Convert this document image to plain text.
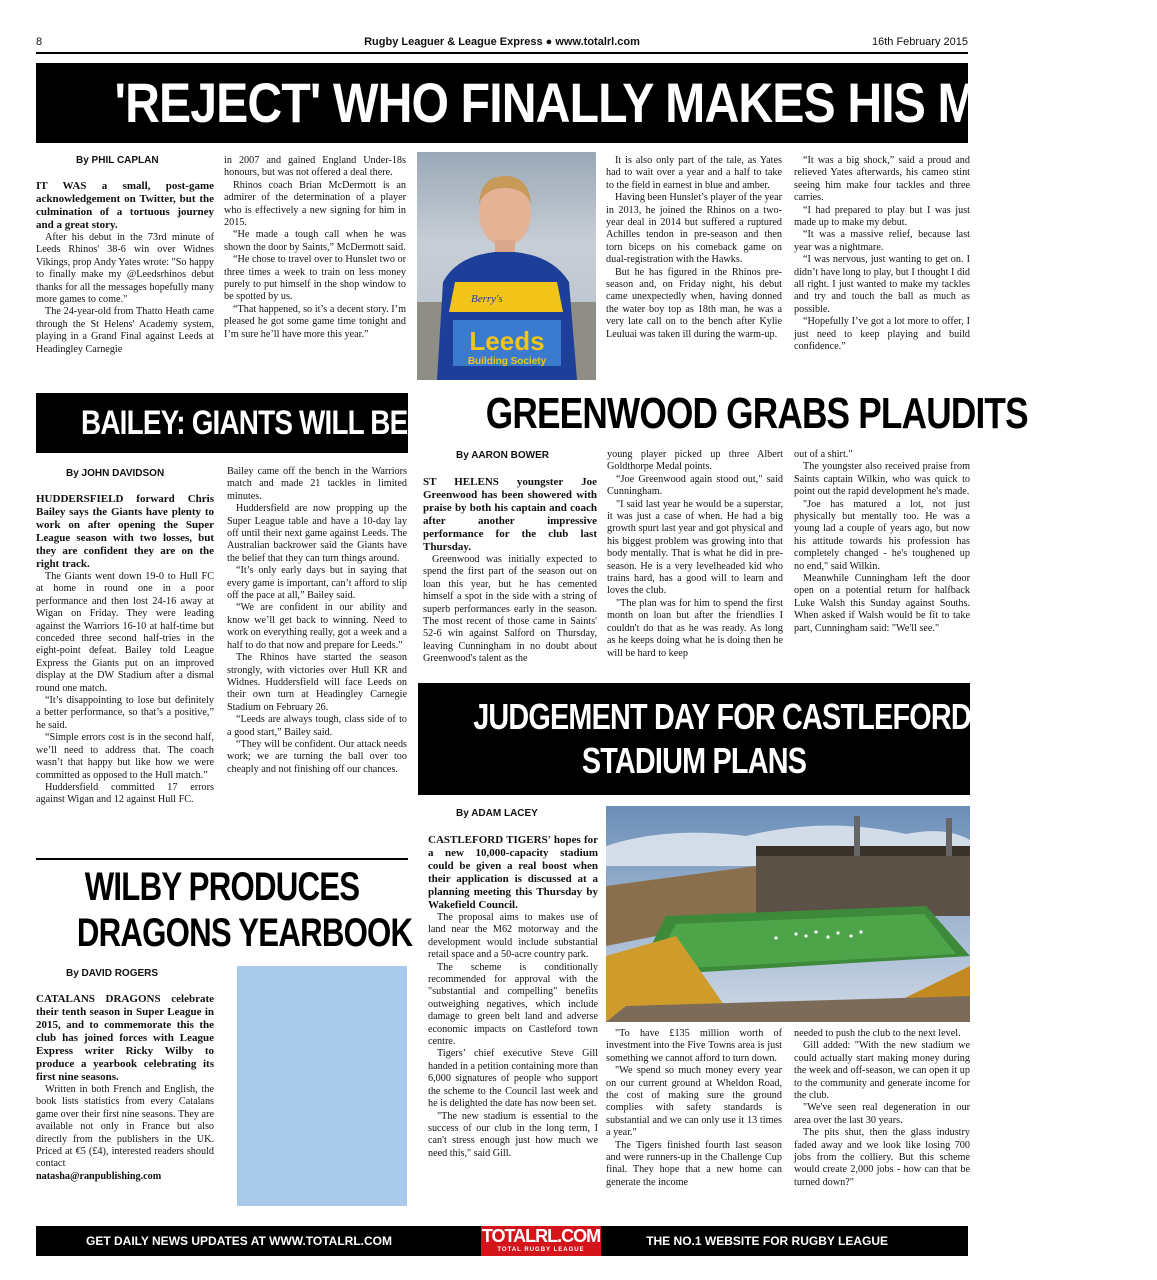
8	Rugby Leaguer & League Express ● www.totalrl.com	16th February 2015
'REJECT' WHO FINALLY MAKES HIS MARK
By PHIL CAPLAN

IT WAS a small, post-game acknowledgement on Twitter, but the culmination of a tortuous journey and a great story.

After his debut in the 73rd minute of Leeds Rhinos' 38-6 win over Widnes Vikings, prop Andy Yates wrote: "So happy to finally make my @Leedsrhinos debut thanks for all the messages hopefully many more games to come."

The 24-year-old from Thatto Heath came through the St Helens' Academy system, playing in a Grand Final against Leeds at Headingley Carnegie

in 2007 and gained England Under-18s honours, but was not offered a deal there.

Rhinos coach Brian McDermott is an admirer of the determination of a player who is effectively a new signing for him in 2015.

“He made a tough call when he was shown the door by Saints,” McDermott said.

“He chose to travel over to Hunslet two or three times a week to train on less money purely to put himself in the shop window to be spotted by us.

“That happened, so it’s a decent story. I’m pleased he got some game time tonight and I’m sure he’ll have more this year.”	Leeds
Building Society
Berry's

It is also only part of the tale, as Yates had to wait over a year and a half to take to the field in earnest in blue and amber.

Having been Hunslet’s player of the year in 2013, he joined the Rhinos on a two-year deal in 2014 but suffered a ruptured Achilles tendon in pre-season and then torn biceps on his comeback game on dual-registration with the Hawks.

But he has figured in the Rhinos pre-season and, on Friday night, his debut came unexpectedly when, having donned the water boy top as 18th man, he was a very late call on to the bench after Kylie Leuluai was taken ill during the warm-up.

“It was a big shock,” said a proud and relieved Yates afterwards, his cameo stint seeing him make four tackles and three carries.

“I had prepared to play but I was just made up to make my debut.

“It was a massive relief, because last year was a nightmare.

“I was nervous, just wanting to get on. I didn’t have long to play, but I thought I did all right. I just wanted to make my tackles and try and touch the ball as much as possible.

“Hopefully I’ve got a lot more to offer, I just need to keep playing and build confidence.”

BAILEY: GIANTS WILL BE BACK
By JOHN DAVIDSON

HUDDERSFIELD forward Chris Bailey says the Giants have plenty to work on after opening the Super League season with two losses, but they are confident they are on the right track.

The Giants went down 19-0 to Hull FC at home in round one in a poor performance and then lost 24-16 away at Wigan on Friday. They were leading against the Warriors 16-10 at half-time but conceded three second half-tries in the eight-point defeat. Bailey told League Express the Giants put on an improved display at the DW Stadium after a dismal round one match.

“It’s disappointing to lose but definitely a better performance, so that’s a positive,” he said.

“Simple errors cost is in the second half, we’ll need to address that. The coach wasn’t that happy but like how we were committed as opposed to the Hull match.”

Huddersfield committed 17 errors against Wigan and 12 against Hull FC.

Bailey came off the bench in the Warriors match and made 21 tackles in limited minutes.

Huddersfield are now propping up the Super League table and have a 10-day lay off until their next game against Leeds. The Australian backrower said the Giants have the belief that they can turn things around.

“It’s only early days but in saying that every game is important, can’t afford to slip off the pace at all,” Bailey said.

“We are confident in our ability and know we’ll get back to winning. Need to work on everything really, got a week and a half to do that now and prepare for Leeds.”

The Rhinos have started the season strongly, with victories over Hull KR and Widnes. Huddersfield will face Leeds on their own turn at Headingley Carnegie Stadium on February 26.

“Leeds are always tough, class side of to a good start,” Bailey said.

“They will be confident. Our attack needs work; we are turning the ball over too cheaply and not finishing off our chances.

GREENWOOD GRABS PLAUDITS
By AARON BOWER

ST HELENS youngster Joe Greenwood has been showered with praise by both his captain and coach after another impressive performance for the club last Thursday.

Greenwood was initially expected to spend the first part of the season out on loan this year, but he has cemented himself a spot in the side with a string of superb performances early in the season. The most recent of those came in Saints' 52-6 win against Salford on Thursday, leaving Cunningham in no doubt about Greenwood's talent as the

young player picked up three Albert Goldthorpe Medal points.

“Joe Greenwood again stood out," said Cunningham.

"I said last year he would be a superstar, it was just a case of when. He had a big growth spurt last year and got physical and his biggest problem was growing into that body mentally. That is what he did in pre-season. He is a very levelheaded kid who trains hard, has a good will to learn and loves the club.

"The plan was for him to spend the first month on loan but after the friendlies I couldn't do that as he was ready. As long as he keeps doing what he is doing then he will be hard to keep

out of a shirt."

The youngster also received praise from Saints captain Wilkin, who was quick to point out the rapid development he's made.

"Joe has matured a lot, not just physically but mentally too. He was a young lad a couple of years ago, but now his attitude towards his profession has completely changed - he's toughened up no end," said Wilkin.

Meanwhile Cunningham left the door open on a potential return for halfback Luke Walsh this Sunday against Souths. When asked if Walsh would be fit to take part, Cunningham said: "We'll see."

JUDGEMENT DAY FOR CASTLEFORD
STADIUM PLANS
By ADAM LACEY

CASTLEFORD TIGERS' hopes for a new 10,000-capacity stadium could be given a real boost when their application is discussed at a planning meeting this Thursday by Wakefield Council.

The proposal aims to makes use of land near the M62 motorway and the development would include substantial retail space and a 50-acre country park.

The scheme is conditionally recommended for approval with the "substantial and compelling" benefits outweighing negatives, which include damage to green belt land and adverse economic impacts on Castleford town centre.

Tigers’ chief executive Steve Gill handed in a petition containing more than 6,000 signatures of people who support the scheme to the Council last week and he is delighted the date has now been set.

"The new stadium is essential to the success of our club in the long term, I can't stress enough just how much we need this," said Gill.

"To have £135 million worth of investment into the Five Towns area is just something we cannot afford to turn down.

"We spend so much money every year on our current ground at Wheldon Road, the cost of making sure the ground complies with safety standards is substantial and we can only use it 13 times a year."

The Tigers finished fourth last season and were runners-up in the Challenge Cup final. They hope that a new home can generate the income

needed to push the club to the next level.

Gill added: "With the new stadium we could actually start making money during the week and off-season, we can open it up to the community and generate income for the club.

"We've seen real degeneration in our area over the last 30 years.

The pits shut, then the glass industry faded away and we look like losing 700 jobs from the colliery. But this scheme would create 2,000 jobs - how can that be turned down?"

WILBY PRODUCES
DRAGONS YEARBOOK
By DAVID ROGERS

CATALANS DRAGONS celebrate their tenth season in Super League in 2015, and to commemorate this the club has joined forces with League Express writer Ricky Wilby to produce a yearbook celebrating its first nine seasons.

Written in both French and English, the book lists statistics from every Catalans game over their first nine seasons. They are available not only in France but also directly from the publishers in the UK. Priced at €5 (£4), interested readers should contact

natasha@ranpublishing.com

GET DAILY NEWS UPDATES AT WWW.TOTALRL.COM	TOTALRL.COM
TOTAL RUGBY LEAGUE
THE NO.1 WEBSITE FOR RUGBY LEAGUE
